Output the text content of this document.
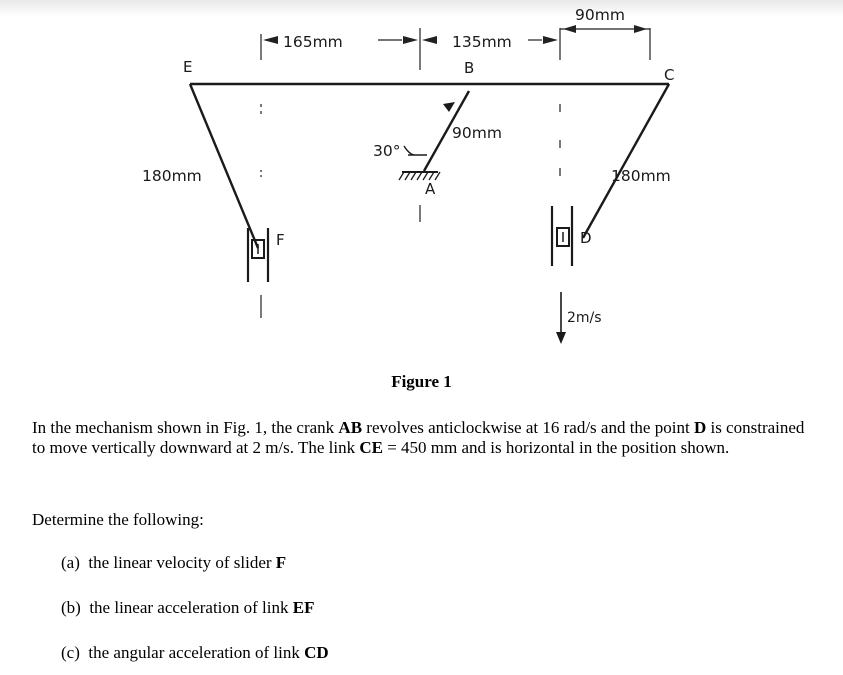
165mm	135mm
90mm
90mm
180mm	180mm
30°
2m/s
E	B	C
A
F	D
Figure 1
In the mechanism shown in Fig. 1, the crank AB revolves anticlockwise at 16 rad/s and the point D is constrained to move vertically downward at 2 m/s. The link CE = 450 mm and is horizontal in the position shown.
Determine the following:
(a) the linear velocity of slider F
(b) the linear acceleration of link EF
(c) the angular acceleration of link CD
